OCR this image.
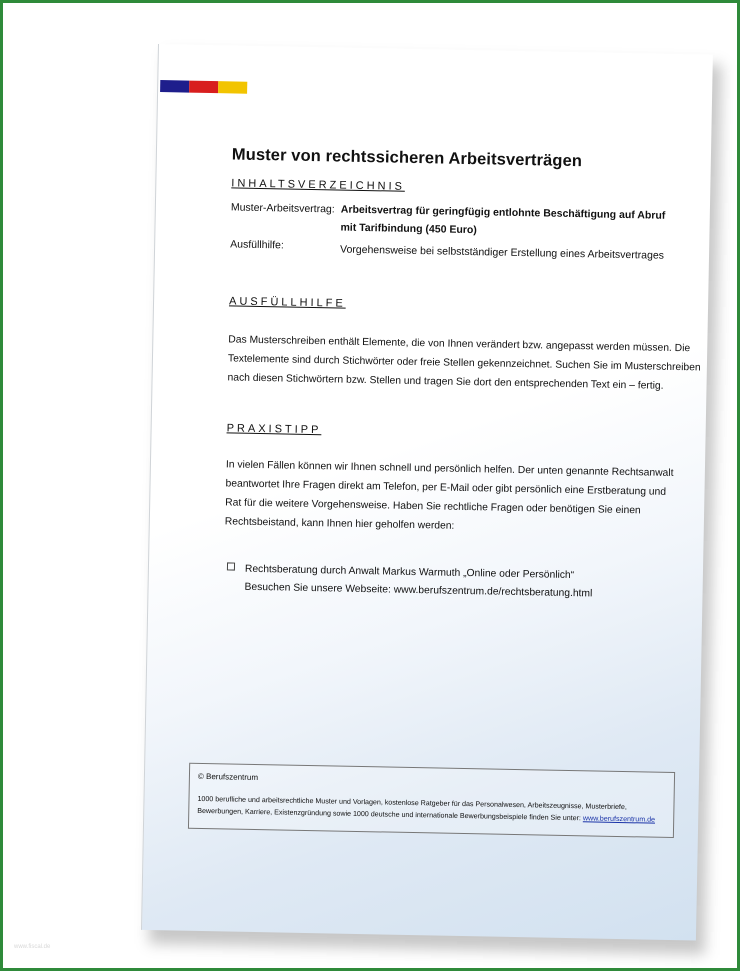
Muster von rechtssicheren Arbeitsverträgen
INHALTSVERZEICHNIS
Muster-Arbeitsvertrag: Arbeitsvertrag für geringfügig entlohnte Beschäftigung auf Abruf
mit Tarifbindung (450 Euro)
Ausfüllhilfe:	Vorgehensweise bei selbstständiger Erstellung eines Arbeitsvertrages
AUSFÜLLHILFE

Das Musterschreiben enthält Elemente, die von Ihnen verändert bzw. angepasst werden müssen. Die

Textelemente sind durch Stichwörter oder freie Stellen gekennzeichnet. Suchen Sie im Musterschreiben

nach diesen Stichwörtern bzw. Stellen und tragen Sie dort den entsprechenden Text ein – fertig.

PRAXISTIPP

In vielen Fällen können wir Ihnen schnell und persönlich helfen. Der unten genannte Rechtsanwalt

beantwortet Ihre Fragen direkt am Telefon, per E-Mail oder gibt persönlich eine Erstberatung und

Rat für die weitere Vorgehensweise. Haben Sie rechtliche Fragen oder benötigen Sie einen

Rechtsbeistand, kann Ihnen hier geholfen werden:

Rechtsberatung durch Anwalt Markus Warmuth „Online oder Persönlich“
Besuchen Sie unsere Webseite: www.berufszentrum.de/rechtsberatung.html
© Berufszentrum
1000 berufliche und arbeitsrechtliche Muster und Vorlagen, kostenlose Ratgeber für das Personalwesen, Arbeitszeugnisse, Musterbriefe,
Bewerbungen, Karriere, Existenzgründung sowie 1000 deutsche und internationale Bewerbungsbeispiele finden Sie unter: www.berufszentrum.de
www.fiscal.de
